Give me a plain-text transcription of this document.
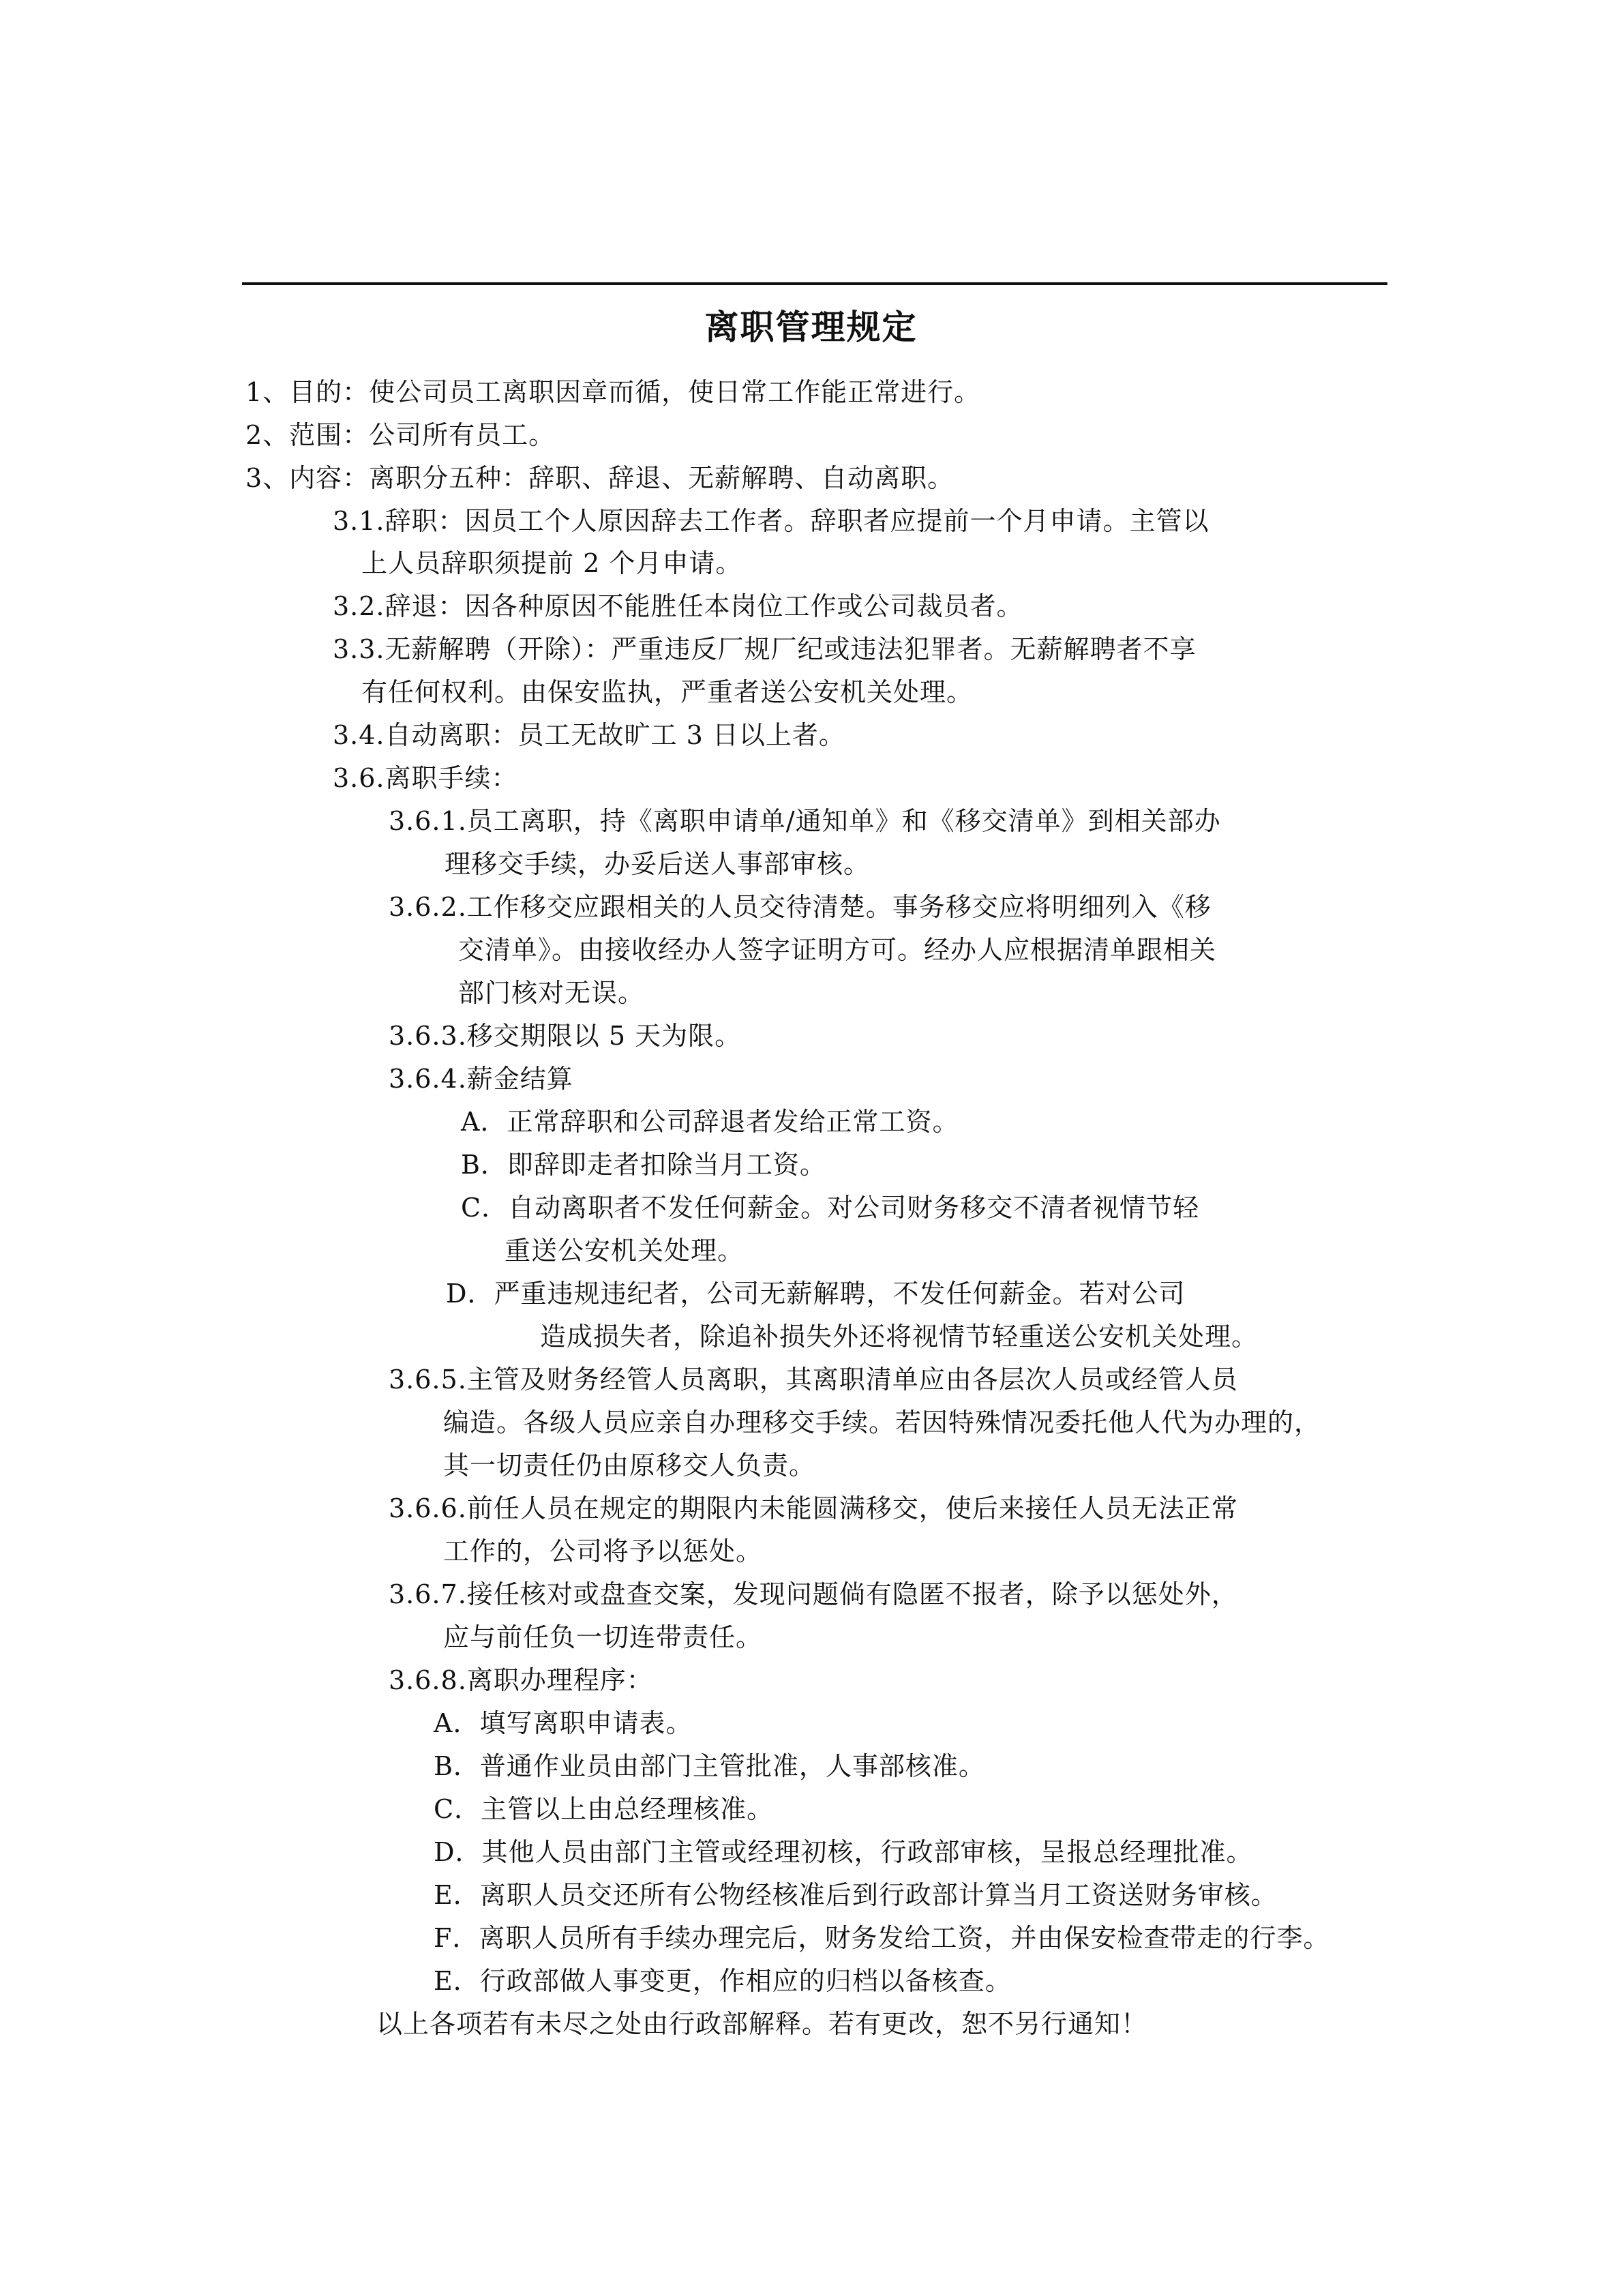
离职管理规定
1、目的：使公司员工离职因章而循，使日常工作能正常进行。
2、范围：公司所有员工。
3、内容：离职分五种：辞职、辞退、无薪解聘、自动离职。
3.1.辞职：因员工个人原因辞去工作者。辞职者应提前一个月申请。主管以
上人员辞职须提前 2 个月申请。
3.2.辞退：因各种原因不能胜任本岗位工作或公司裁员者。
3.3.无薪解聘（开除）：严重违反厂规厂纪或违法犯罪者。无薪解聘者不享
有任何权利。由保安监执，严重者送公安机关处理。
3.4.自动离职：员工无故旷工 3 日以上者。
3.6.离职手续：
3.6.1.员工离职，持《离职申请单/通知单》和《移交清单》到相关部办
理移交手续，办妥后送人事部审核。
3.6.2.工作移交应跟相关的人员交待清楚。事务移交应将明细列入《移
交清单》。由接收经办人签字证明方可。经办人应根据清单跟相关
部门核对无误。
3.6.3.移交期限以 5 天为限。
3.6.4.薪金结算
A．正常辞职和公司辞退者发给正常工资。
B．即辞即走者扣除当月工资。
C．自动离职者不发任何薪金。对公司财务移交不清者视情节轻
重送公安机关处理。
D．严重违规违纪者，公司无薪解聘，不发任何薪金。若对公司
造成损失者，除追补损失外还将视情节轻重送公安机关处理。
3.6.5.主管及财务经管人员离职，其离职清单应由各层次人员或经管人员
编造。各级人员应亲自办理移交手续。若因特殊情况委托他人代为办理的，
其一切责任仍由原移交人负责。
3.6.6.前任人员在规定的期限内未能圆满移交，使后来接任人员无法正常
工作的，公司将予以惩处。
3.6.7.接任核对或盘查交案，发现问题倘有隐匿不报者，除予以惩处外，
应与前任负一切连带责任。
3.6.8.离职办理程序：
A．填写离职申请表。
B．普通作业员由部门主管批准，人事部核准。
C．主管以上由总经理核准。
D．其他人员由部门主管或经理初核，行政部审核，呈报总经理批准。
E．离职人员交还所有公物经核准后到行政部计算当月工资送财务审核。
F．离职人员所有手续办理完后，财务发给工资，并由保安检查带走的行李。
E．行政部做人事变更，作相应的归档以备核查。
以上各项若有未尽之处由行政部解释。若有更改，恕不另行通知！
